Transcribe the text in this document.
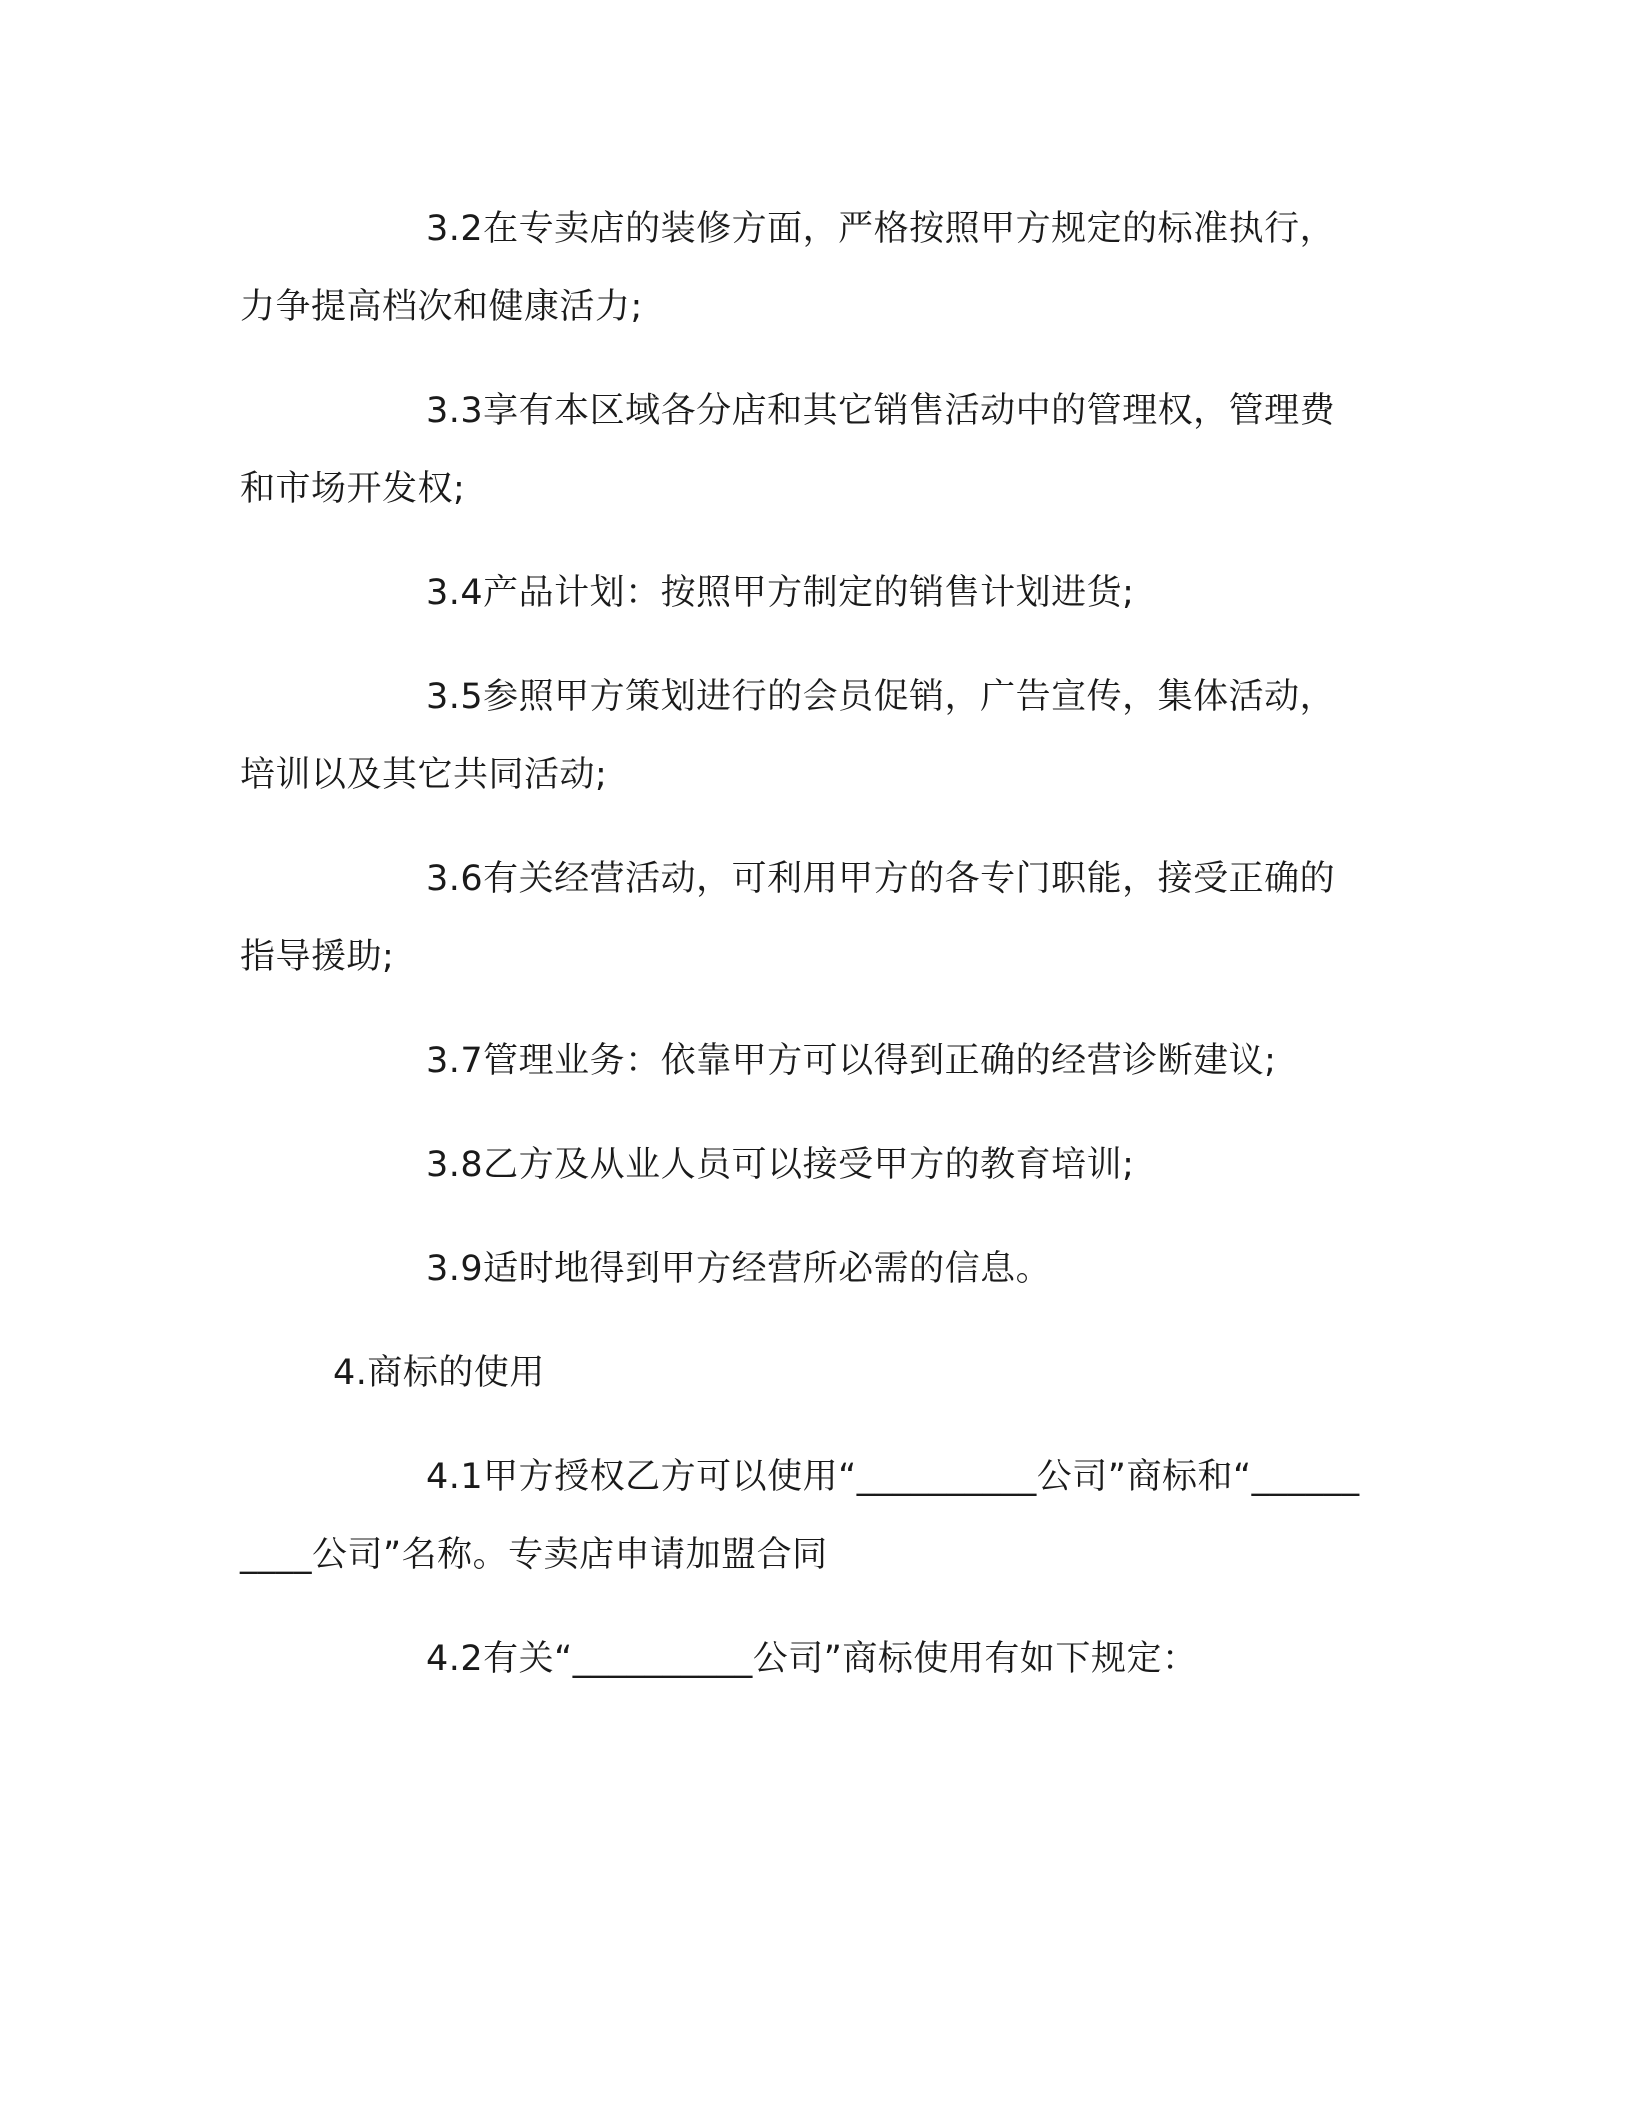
3.2在专卖店的装修方面，严格按照甲方规定的标准执行，力争提高档次和健康活力;

3.3享有本区域各分店和其它销售活动中的管理权，管理费和市场开发权;

3.4产品计划：按照甲方制定的销售计划进货;

3.5参照甲方策划进行的会员促销，广告宣传，集体活动，培训以及其它共同活动;

3.6有关经营活动，可利用甲方的各专门职能，接受正确的指导援助;

3.7管理业务：依靠甲方可以得到正确的经营诊断建议;

3.8乙方及从业人员可以接受甲方的教育培训;

3.9适时地得到甲方经营所必需的信息。

4.商标的使用

4.1甲方授权乙方可以使用“__________公司”商标和“__________公司”名称。专卖店申请加盟合同

4.2有关“__________公司”商标使用有如下规定：
